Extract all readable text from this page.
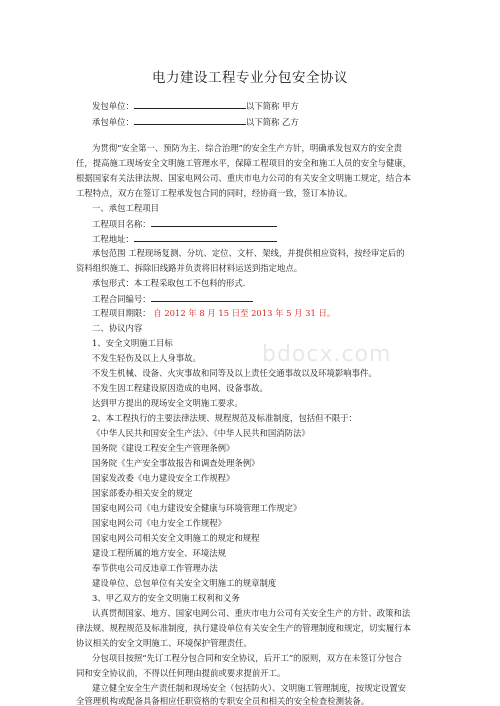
电力建设工程专业分包安全协议
发包单位：	以下简称 甲方
承包单位：	以下简称 乙方
为贯彻“安全第一、预防为主、综合治理”的安全生产方针，明确承发包双方的安全责
任，提高施工现场安全文明施工管理水平，保障工程项目的安全和施工人员的安全与健康，
根据国家有关法律法规、国家电网公司、重庆市电力公司的有关安全文明施工规定，结合本
工程特点，双方在签订工程承发包合同的同时，经协商一致，签订本协议。
一、承包工程项目
工程项目名称：
工程地址：
承包范围 工程现场复测、分坑、定位、文杆、架线，并提供相应资料，按经审定后的
资料组织施工、拆除旧线路并负责将旧材料运送到指定地点。
承包形式：本工程采取包工不包料的形式.
工程合同编号：
工程项目期限： 自 2012 年 8 月 15 日至 2013 年 5 月 31 日。
二、协议内容
1、安全文明施工目标
不发生轻伤及以上人身事故。
不发生机械、设备、火灾事故和同等及以上责任交通事故以及环境影响事件。
不发生因工程建设原因造成的电网、设备事故。
达到甲方提出的现场安全文明施工要求。
2、本工程执行的主要法律法规、规程规范及标准制度，包括但不限于：
《中华人民共和国安全生产法》、《中华人民共和国消防法》
国务院《建设工程安全生产管理条例》
国务院《生产安全事故报告和调查处理条例》
国家发改委《电力建设安全工作规程》
国家部委办相关安全的规定
国家电网公司《电力建设安全健康与环境管理工作规定》
国家电网公司《电力安全工作规程》
国家电网公司相关安全文明施工的规定和规程
建设工程所属的地方安全、环境法规
奉节供电公司反违章工作管理办法
建设单位、总包单位有关安全文明施工的规章制度
3、甲乙双方的安全文明施工权利和义务
认真贯彻国家、地方、国家电网公司、重庆市电力公司有关安全生产的方针、政策和法
律法规、规程规范及标准制度，执行建设单位有关安全生产的管理制度和规定，切实履行本
协议相关的安全文明施工、环境保护管理责任。
分包项目按照“先订工程分包合同和安全协议，后开工”的原则，双方在未签订分包合
同和安全协议前，不得以任何理由提前或要求提前开工。
建立健全安全生产责任制和现场安全（包括防火）、文明施工管理制度，按规定设置安
全管理机构或配备具备相应任职资格的专职安全员和相关的安全检查检测装备。
bdocx.com
